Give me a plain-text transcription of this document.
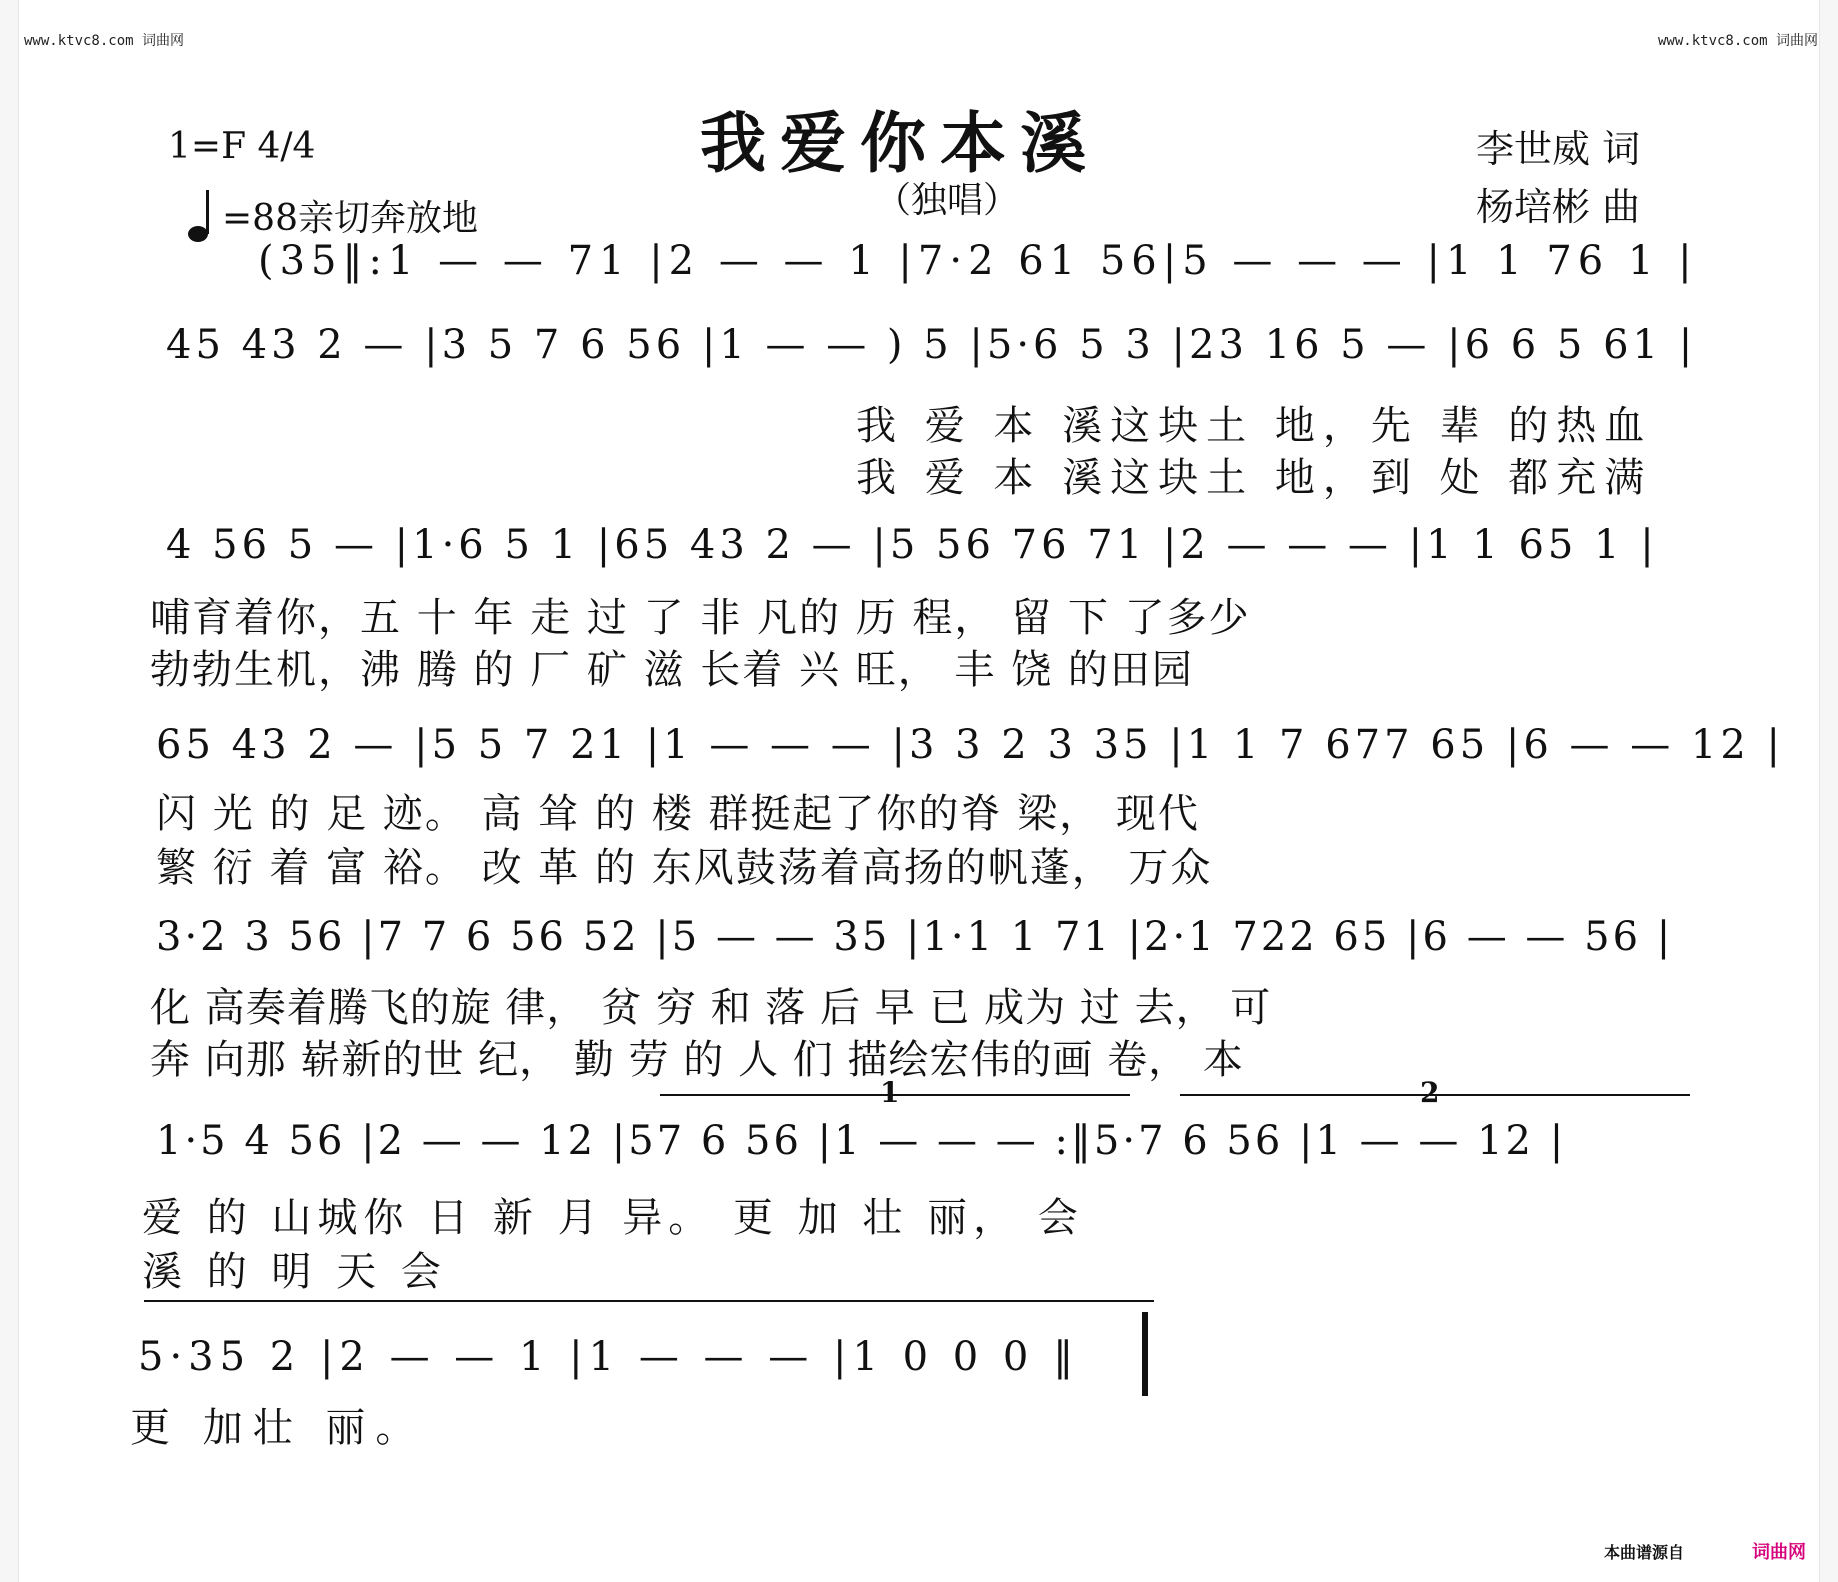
www.ktvc8.com 词曲网	www.ktvc8.com 词曲网
1=F 4/4
=88亲切奔放地
我爱你本溪
（独唱）
李世威 词
杨培彬 曲
(35‖:1 — — 71 |2 — — 1 |7·2 61 56|5 — — — |1 1 76 1 |
45 43 2 — |3 5 7 6 56 |1 — — ) 5 |5·6 5 3 |23 16 5 — |6 6 5 61 |
我 爱 本 溪这块土 地，先 辈 的热血
我 爱 本 溪这块土 地，到 处 都充满
4 56 5 — |1·6 5 1 |65 43 2 — |5 56 76 71 |2 — — — |1 1 65 1 |
哺育着你，五 十 年 走 过 了 非 凡的 历 程， 留 下 了多少
勃勃生机，沸 腾 的 厂 矿 滋 长着 兴 旺， 丰 饶 的田园
65 43 2 — |5 5 7 21 |1 — — — |3 3 2 3 35 |1 1 7 677 65 |6 — — 12 |
闪 光 的 足 迹。 高 耸 的 楼 群挺起了你的脊 梁， 现代
繁 衍 着 富 裕。 改 革 的 东风鼓荡着高扬的帆蓬， 万众
3·2 3 56 |7 7 6 56 52 |5 — — 35 |1·1 1 71 |2·1 722 65 |6 — — 56 |
化 高奏着腾飞的旋 律， 贫 穷 和 落 后 早 已 成为 过 去， 可
奔 向那 崭新的世 纪， 勤 劳 的 人 们 描绘宏伟的画 卷， 本
1	2
1·5 4 56 |2 — — 12 |57 6 56 |1 — — — :‖5·7 6 56 |1 — — 12 |
爱 的 山城你 日 新 月 异。 更 加 壮 丽， 会
溪 的 明 天 会
5·35 2 |2 — — 1 |1 — — — |1 0 0 0 ‖
更 加壮 丽。
本曲谱源自	词曲网
